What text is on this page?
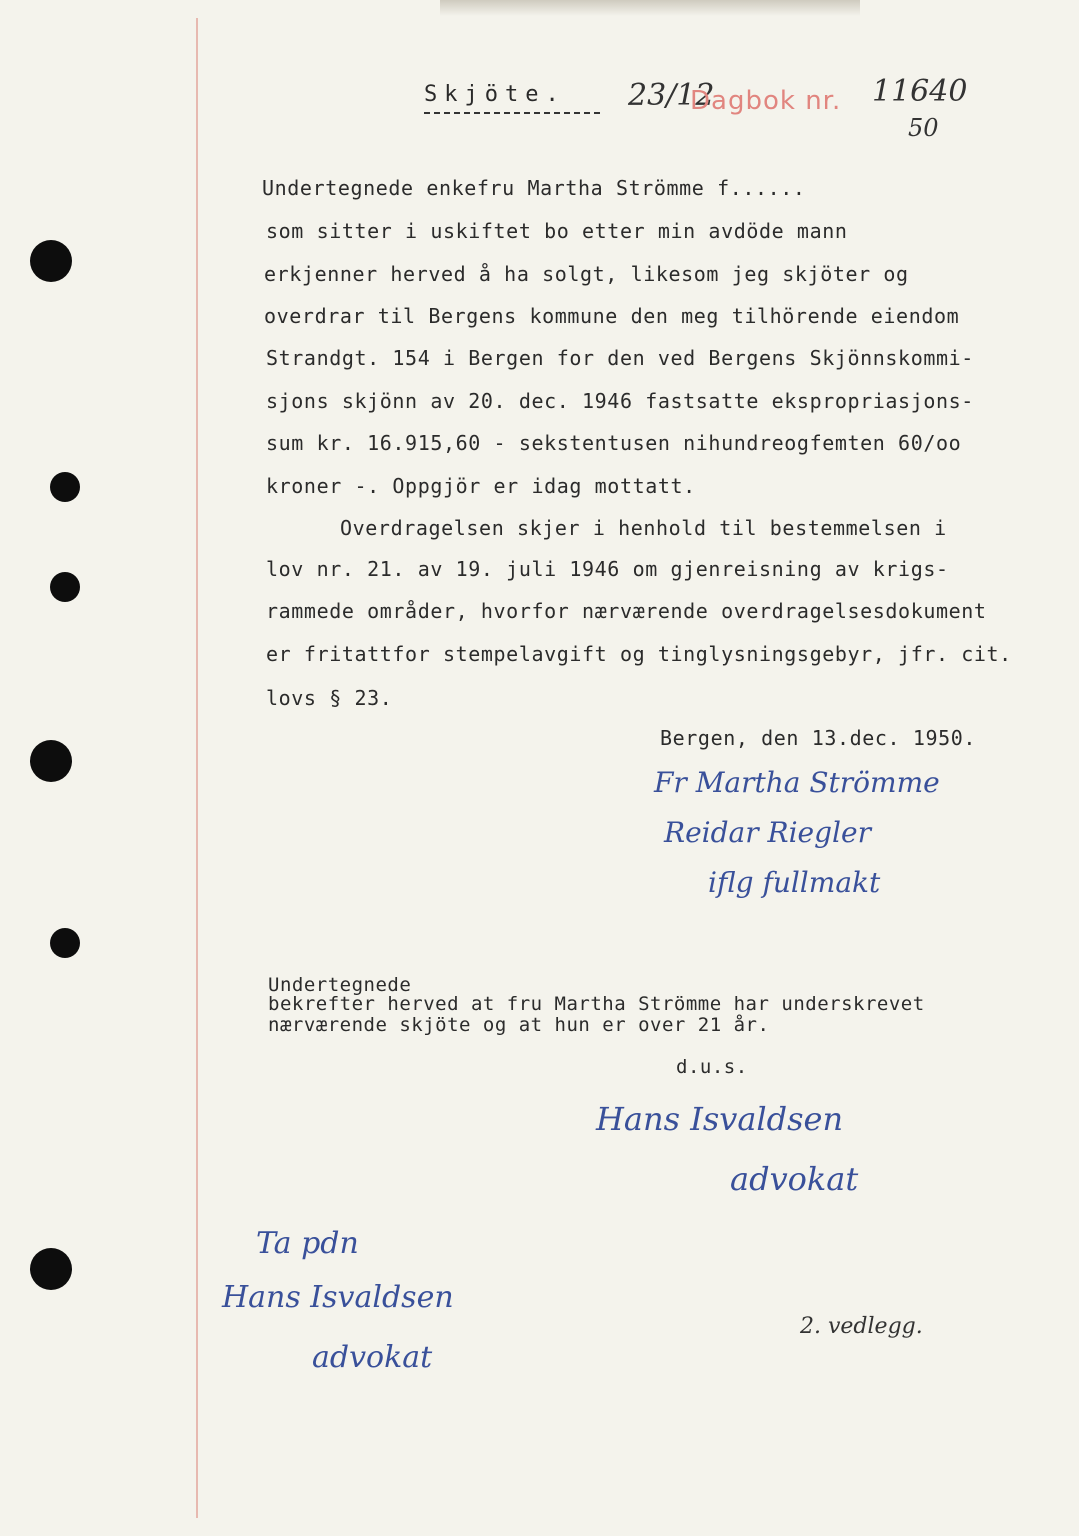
Skjöte. 23/12
Dagbok nr. 11640
50
Undertegnede enkefru Martha Strömme f......
som sitter i uskiftet bo etter min avdöde mann
erkjenner herved å ha solgt, likesom jeg skjöter og
overdrar til Bergens kommune den meg tilhörende eiendom
Strandgt. 154 i Bergen for den ved Bergens Skjönnskommi-
sjons skjönn av 20. dec. 1946 fastsatte ekspropriasjons-
sum kr. 16.915,60 - sekstentusen nihundreogfemten 60/oo
kroner -. Oppgjör er idag mottatt.
Overdragelsen skjer i henhold til bestemmelsen i
lov nr. 21. av 19. juli 1946 om gjenreisning av krigs-
rammede områder, hvorfor nærværende overdragelsesdokument
er fritattfor stempelavgift og tinglysningsgebyr, jfr. cit.
lovs § 23.
Bergen, den 13.dec. 1950.
Fr Martha Strömme
Reidar Riegler
iflg fullmakt
Undertegnede
bekrefter herved at fru Martha Strömme har underskrevet
nærværende skjöte og at hun er over 21 år.
d.u.s.
Hans Isvaldsen
advokat
Ta pdn
Hans Isvaldsen
advokat
2. vedlegg.
